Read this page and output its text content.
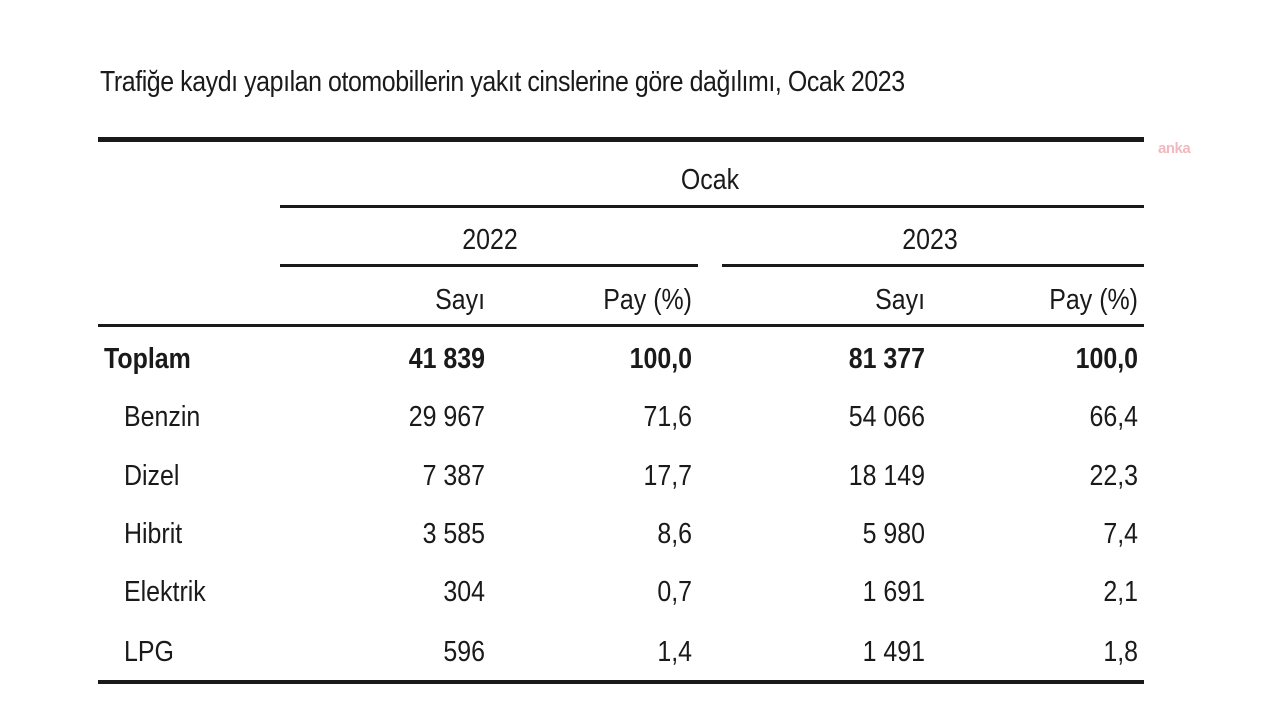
Trafiğe kaydı yapılan otomobillerin yakıt cinslerine göre dağılımı, Ocak 2023
anka
Ocak
2022	2023
Sayı	Pay (%)	Sayı	Pay (%)
Toplam	41 839	100,0	81 377	100,0
Benzin	29 967	71,6	54 066	66,4
Dizel	7 387	17,7	18 149	22,3
Hibrit	3 585	8,6	5 980	7,4
Elektrik	304	0,7	1 691	2,1
LPG	596	1,4	1 491	1,8
